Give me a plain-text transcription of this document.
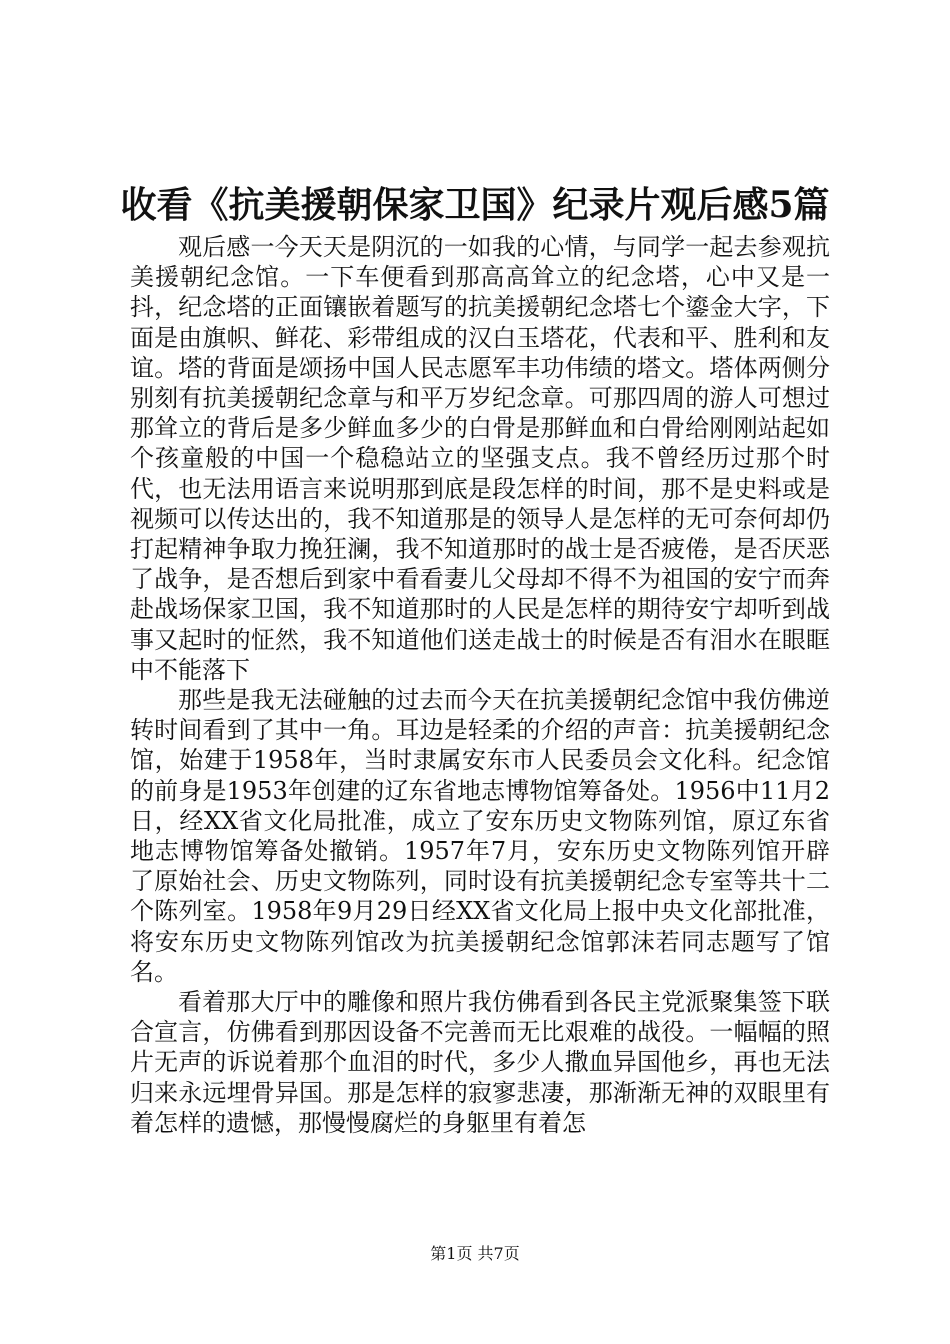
收看《抗美援朝保家卫国》纪录片观后感5篇

观后感一今天天是阴沉的一如我的心情，与同学一起去参观抗美援朝纪念馆。一下车便看到那高高耸立的纪念塔，心中又是一抖，纪念塔的正面镶嵌着题写的抗美援朝纪念塔七个鎏金大字，下面是由旗帜、鲜花、彩带组成的汉白玉塔花，代表和平、胜利和友谊。塔的背面是颂扬中国人民志愿军丰功伟绩的塔文。塔体两侧分别刻有抗美援朝纪念章与和平万岁纪念章。可那四周的游人可想过那耸立的背后是多少鲜血多少的白骨是那鲜血和白骨给刚刚站起如个孩童般的中国一个稳稳站立的坚强支点。我不曾经历过那个时代，也无法用语言来说明那到底是段怎样的时间，那不是史料或是视频可以传达出的，我不知道那是的领导人是怎样的无可奈何却仍打起精神争取力挽狂澜，我不知道那时的战士是否疲倦，是否厌恶了战争，是否想后到家中看看妻儿父母却不得不为祖国的安宁而奔赴战场保家卫国，我不知道那时的人民是怎样的期待安宁却听到战事又起时的怔然，我不知道他们送走战士的时候是否有泪水在眼眶中不能落下

那些是我无法碰触的过去而今天在抗美援朝纪念馆中我仿佛逆转时间看到了其中一角。耳边是轻柔的介绍的声音：抗美援朝纪念馆，始建于1958年，当时隶属安东市人民委员会文化科。纪念馆的前身是1953年创建的辽东省地志博物馆筹备处。1956中11月2日，经XX省文化局批准，成立了安东历史文物陈列馆，原辽东省地志博物馆筹备处撤销。1957年7月，安东历史文物陈列馆开辟了原始社会、历史文物陈列，同时设有抗美援朝纪念专室等共十二个陈列室。1958年9月29日经XX省文化局上报中央文化部批准，将安东历史文物陈列馆改为抗美援朝纪念馆郭沫若同志题写了馆名。

看着那大厅中的雕像和照片我仿佛看到各民主党派聚集签下联合宣言，仿佛看到那因设备不完善而无比艰难的战役。一幅幅的照片无声的诉说着那个血泪的时代，多少人撒血异国他乡，再也无法归来永远埋骨异国。那是怎样的寂寥悲凄，那渐渐无神的双眼里有着怎样的遗憾，那慢慢腐烂的身躯里有着怎

第1页 共7页
